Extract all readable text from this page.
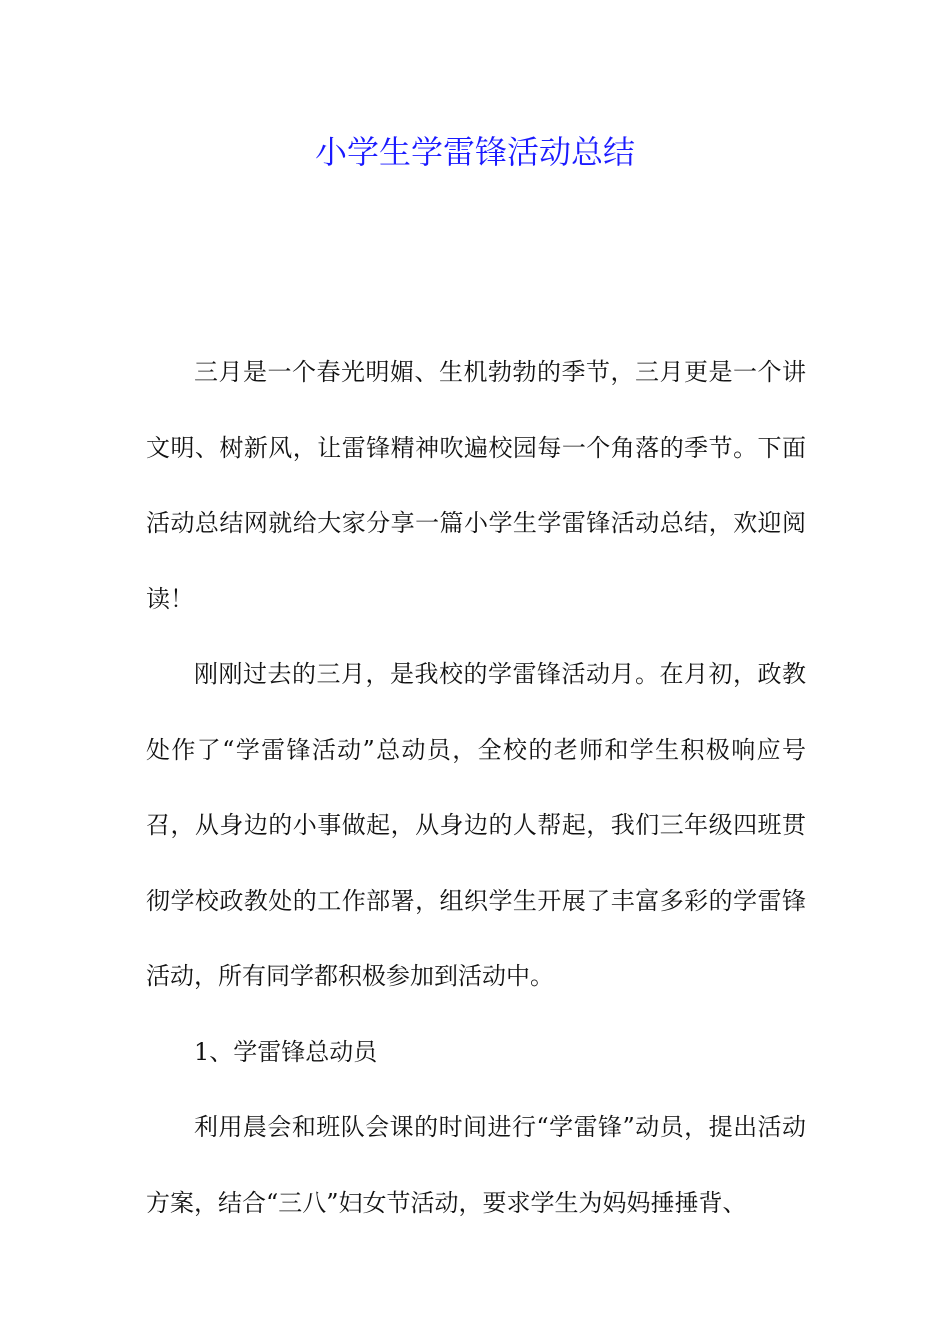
小学生学雷锋活动总结

三月是一个春光明媚、生机勃勃的季节，三月更是一个讲文明、树新风，让雷锋精神吹遍校园每一个角落的季节。下面活动总结网就给大家分享一篇小学生学雷锋活动总结，欢迎阅读！

刚刚过去的三月，是我校的学雷锋活动月。在月初，政教处作了“学雷锋活动”总动员，全校的老师和学生积极响应号召，从身边的小事做起，从身边的人帮起，我们三年级四班贯彻学校政教处的工作部署，组织学生开展了丰富多彩的学雷锋活动，所有同学都积极参加到活动中。

1、学雷锋总动员

利用晨会和班队会课的时间进行“学雷锋”动员，提出活动方案，结合“三八”妇女节活动，要求学生为妈妈捶捶背、
